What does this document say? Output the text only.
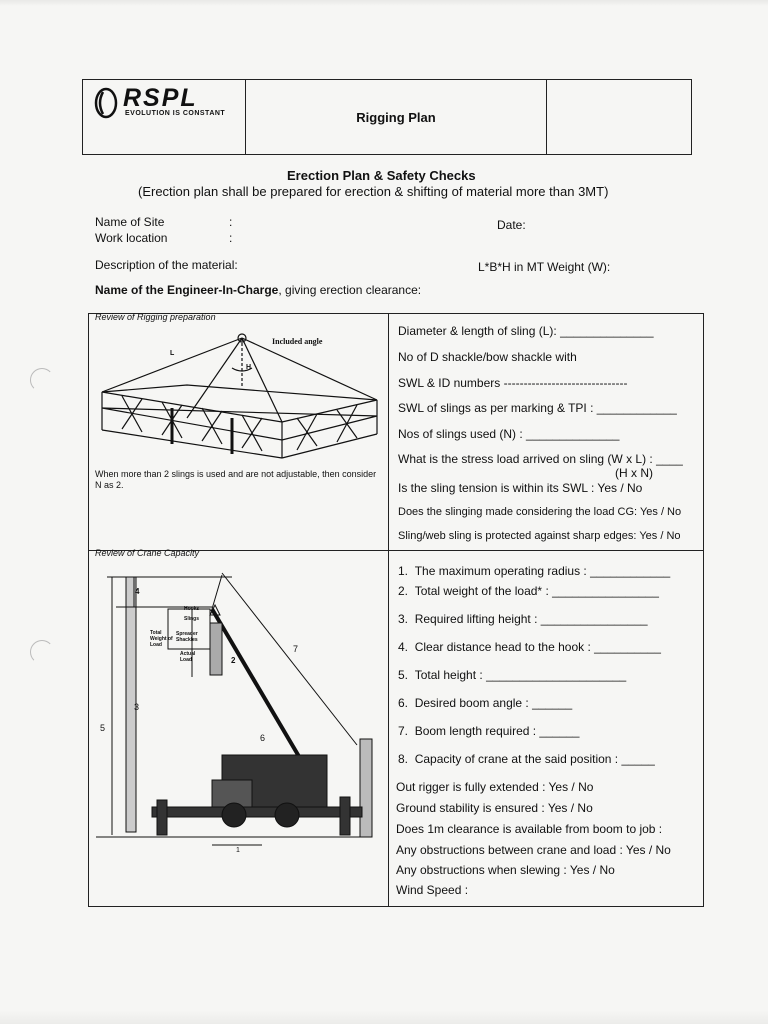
RSPL
EVOLUTION IS CONSTANT	Rigging Plan
Erection Plan & Safety Checks
(Erection plan shall be prepared for erection & shifting of material more than 3MT)
Name of Site	:
Work location	:
Date:
Description of the material:	L*B*H in MT Weight (W):
Name of the Engineer-In-Charge, giving erection clearance:
Review of Rigging preparation
Included angle
L
H
When more than 2 slings is used and are not adjustable, then consider N as 2.
Diameter & length of sling (L): ______________
No of D shackle/bow shackle with
SWL & ID numbers -------------------------------
SWL of slings as per marking & TPI : ____________
Nos of slings used (N) : ______________
What is the stress load arrived on sling (W x L) : ____
(H x N)
Is the sling tension is within its SWL : Yes / No
Does the slinging made considering the load CG: Yes / No
Sling/web sling is protected against sharp edges: Yes / No
Review of Crane Capacity
4
2
3
5
7
6
1
Hooks
Slings
Spreader
Shackles
Total Weight of Load
Actual Load
1. The maximum operating radius : ____________
2. Total weight of the load* : ________________
3. Required lifting height : ________________
4. Clear distance head to the hook : __________
5. Total height : _____________________
6. Desired boom angle : ______
7. Boom length required : ______
8. Capacity of crane at the said position : _____
Out rigger is fully extended : Yes / No
Ground stability is ensured : Yes / No
Does 1m clearance is available from boom to job :
Any obstructions between crane and load : Yes / No
Any obstructions when slewing : Yes / No
Wind Speed :
